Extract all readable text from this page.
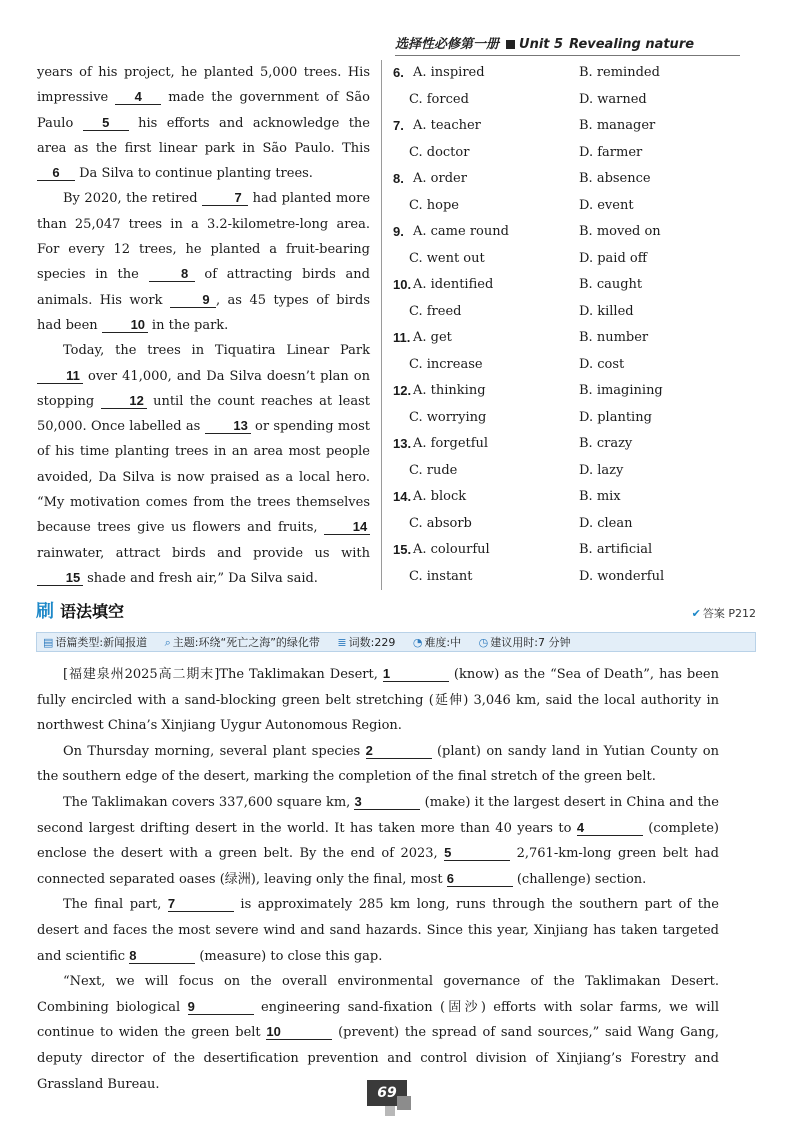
选择性必修第一册 Unit 5 Revealing nature

years of his project, he planted 5,000 trees. His impressive 4 made the government of São Paulo 5 his efforts and acknowledge the area as the first linear park in São Paulo. This 6 Da Silva to continue planting trees.

By 2020, the retired 7 had planted more than 25,047 trees in a 3.2-kilometre-long area. For every 12 trees, he planted a fruit-bearing species in the 8 of attracting birds and animals. His work 9 , as 45 types of birds had been 10 in the park.

Today, the trees in Tiquatira Linear Park 11 over 41,000, and Da Silva doesn’t plan on stopping 12 until the count reaches at least 50,000. Once labelled as 13 or spending most of his time planting trees in an area most people avoided, Da Silva is now praised as a local hero. “My motivation comes from the trees themselves because trees give us flowers and fruits, 14 rainwater, attract birds and provide us with 15 shade and fresh air,” Da Silva said.

6. A. inspired	B. reminded
C. forced	D. warned
7. A. teacher	B. manager
C. doctor	D. farmer
8. A. order	B. absence
C. hope	D. event
9. A. came round	B. moved on
C. went out	D. paid off
10. A. identified	B. caught
C. freed	D. killed
11. A. get	B. number
C. increase	D. cost
12. A. thinking	B. imagining
C. worrying	D. planting
13. A. forgetful	B. crazy
C. rude	D. lazy
14. A. block	B. mix
C. absorb	D. clean
15. A. colourful	B. artificial
C. instant	D. wonderful
刷 语法填空	✔ 答案 P212
▤ 语篇类型:新闻报道 ⌕ 主题:环绕“死亡之海”的绿化带 ≣ 词数:229 ◔ 难度:中 ◷ 建议用时:7 分钟

[福建泉州2025高二期末]The Taklimakan Desert, 1	(know) as the “Sea of Death”, has been fully encircled with a sand-blocking green belt stretching (延伸) 3,046 km, said the local authority in northwest China’s Xinjiang Uygur Autonomous Region.

On Thursday morning, several plant species 2	(plant) on sandy land in Yutian County on the southern edge of the desert, marking the completion of the final stretch of the green belt.

The Taklimakan covers 337,600 square km, 3	(make) it the largest desert in China and the second largest drifting desert in the world. It has taken more than 40 years to 4	(complete) enclose the desert with a green belt. By the end of 2023, 5	2,761-km-long green belt had connected separated oases (绿洲), leaving only the final, most 6	(challenge) section.

The final part, 7	is approximately 285 km long, runs through the southern part of the desert and faces the most severe wind and sand hazards. Since this year, Xinjiang has taken targeted and scientific 8	(measure) to close this gap.

“Next, we will focus on the overall environmental governance of the Taklimakan Desert. Combining biological 9	engineering sand-fixation (固沙) efforts with solar farms, we will continue to widen the green belt 10	(prevent) the spread of sand sources,” said Wang Gang, deputy director of the desertification prevention and control division of Xinjiang’s Forestry and Grassland Bureau.

69
